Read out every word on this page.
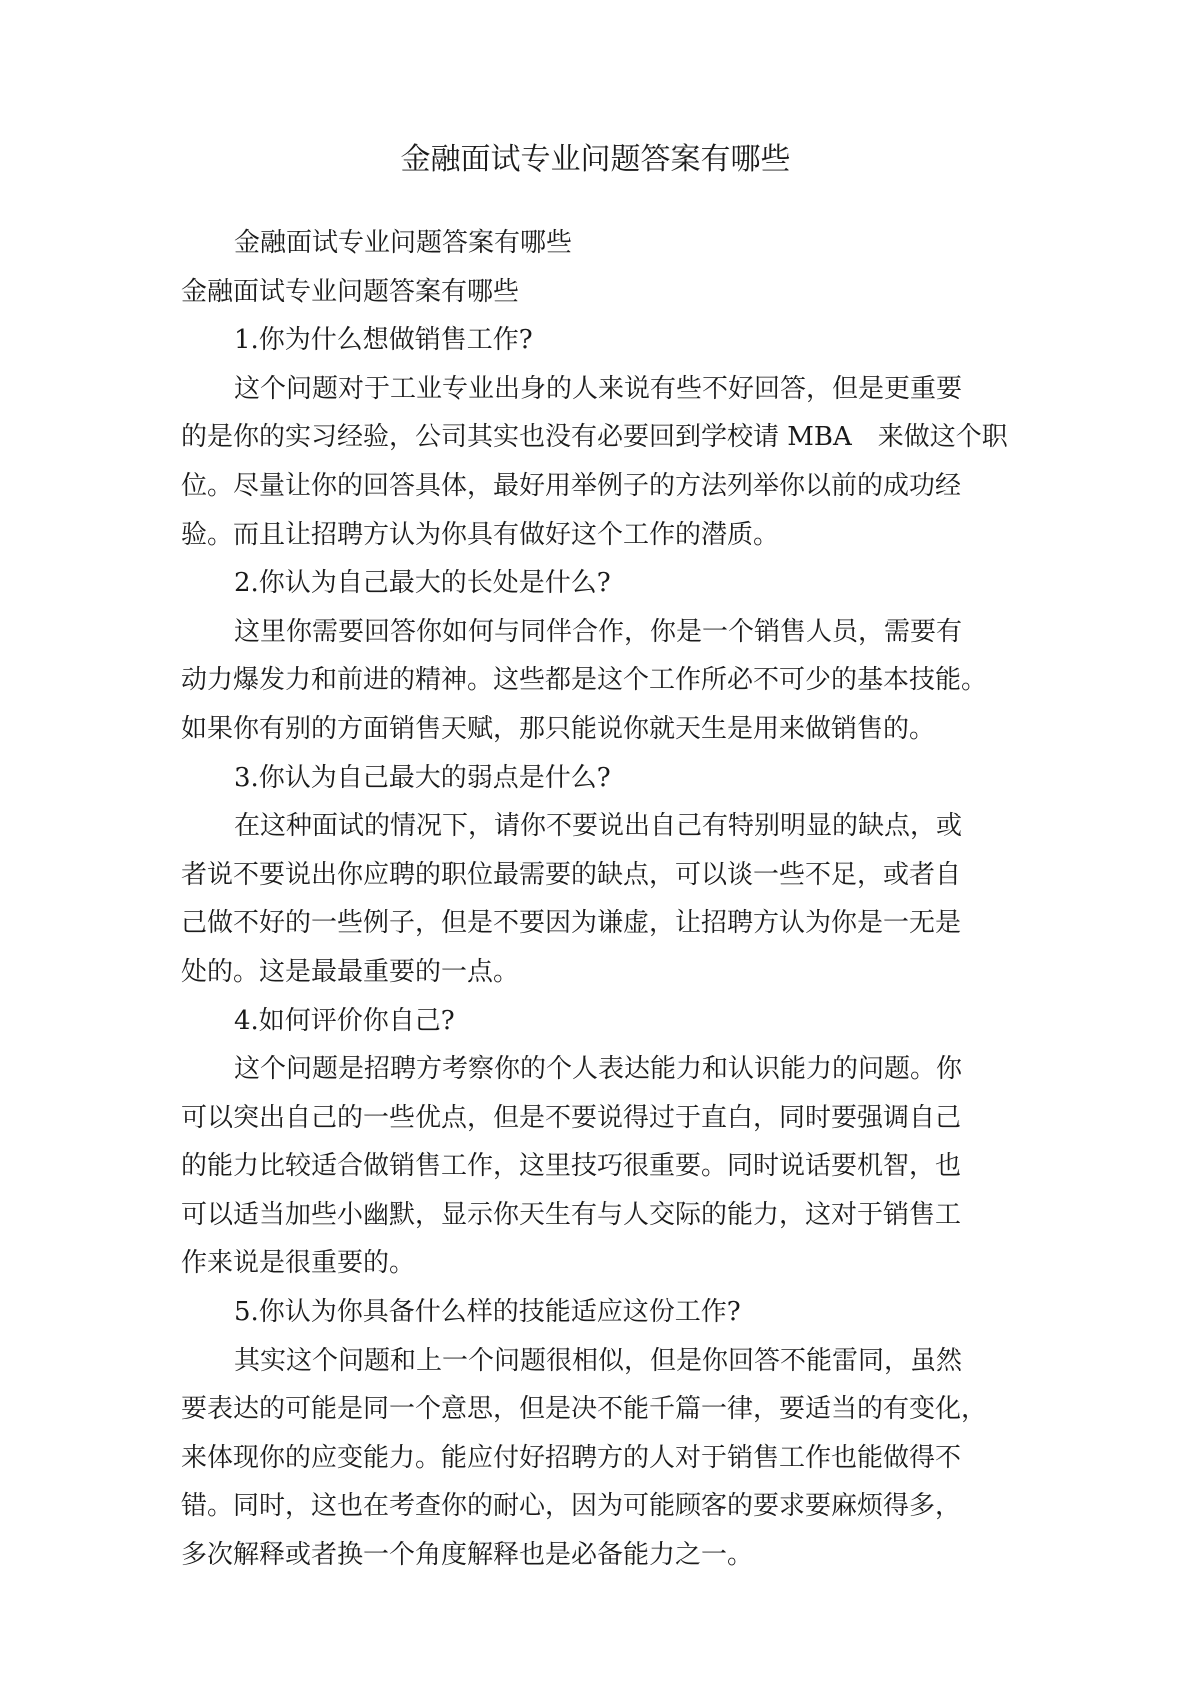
金融面试专业问题答案有哪些

金融面试专业问题答案有哪些

金融面试专业问题答案有哪些

1.你为什么想做销售工作?

这个问题对于工业专业出身的人来说有些不好回答，但是更重要

的是你的实习经验，公司其实也没有必要回到学校请 MBA　来做这个职

位。尽量让你的回答具体，最好用举例子的方法列举你以前的成功经

验。而且让招聘方认为你具有做好这个工作的潜质。

2.你认为自己最大的长处是什么?

这里你需要回答你如何与同伴合作，你是一个销售人员，需要有

动力爆发力和前进的精神。这些都是这个工作所必不可少的基本技能。

如果你有别的方面销售天赋，那只能说你就天生是用来做销售的。

3.你认为自己最大的弱点是什么?

在这种面试的情况下，请你不要说出自己有特别明显的缺点，或

者说不要说出你应聘的职位最需要的缺点，可以谈一些不足，或者自

己做不好的一些例子，但是不要因为谦虚，让招聘方认为你是一无是

处的。这是最最重要的一点。

4.如何评价你自己?

这个问题是招聘方考察你的个人表达能力和认识能力的问题。你

可以突出自己的一些优点，但是不要说得过于直白，同时要强调自己

的能力比较适合做销售工作，这里技巧很重要。同时说话要机智，也

可以适当加些小幽默，显示你天生有与人交际的能力，这对于销售工

作来说是很重要的。

5.你认为你具备什么样的技能适应这份工作?

其实这个问题和上一个问题很相似，但是你回答不能雷同，虽然

要表达的可能是同一个意思，但是决不能千篇一律，要适当的有变化，

来体现你的应变能力。能应付好招聘方的人对于销售工作也能做得不

错。同时，这也在考查你的耐心，因为可能顾客的要求要麻烦得多，

多次解释或者换一个角度解释也是必备能力之一。
